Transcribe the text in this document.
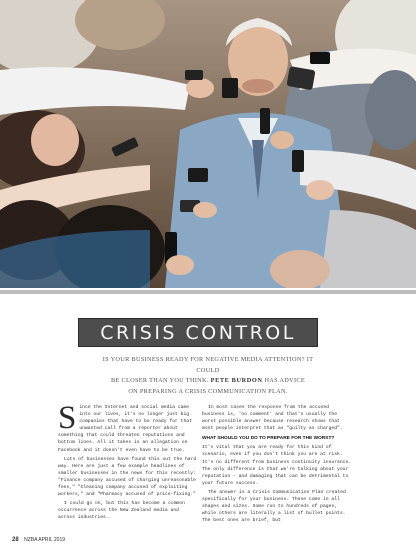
CRISIS CONTROL
IS YOUR BUSINESS READY FOR NEGATIVE MEDIA ATTENTION? IT COULD
BE CLOSER THAN YOU THINK. PETE BURDON HAS ADVICE
ON PREPARING A CRISIS COMMUNICATION PLAN.

Since the Internet and social media came into our lives, it's no longer just big companies that have to be ready for that unwanted call from a reporter about something that could threaten reputations and bottom lines. All it takes is an allegation on Facebook and it doesn't even have to be true.

Lots of businesses have found this out the hard way. Here are just a few example headlines of smaller businesses in the news for this recently: "Finance company accused of charging unreasonable fees," "Cleaning company accused of exploiting workers," and "Pharmacy accused of price-fixing."

I could go on, but this has become a common occurrence across the New Zealand media and across industries.

In most cases the response from the accused business is, 'no comment' and that's usually the worst possible answer because research shows that most people interpret that as "guilty as charged".

WHAT SHOULD YOU DO TO PREPARE FOR THE WORST?

It's vital that you are ready for this kind of scenario, even if you don't think you are at risk. It's no different from business continuity insurance. The only difference is that we're talking about your reputation – and damaging that can be detrimental to your future success.

The answer is a Crisis Communication Plan created specifically for your business. These come in all shapes and sizes. Some run to hundreds of pages, while others are literally a list of bullet points. The best ones are brief, but

28 NZBA APRIL 2019
